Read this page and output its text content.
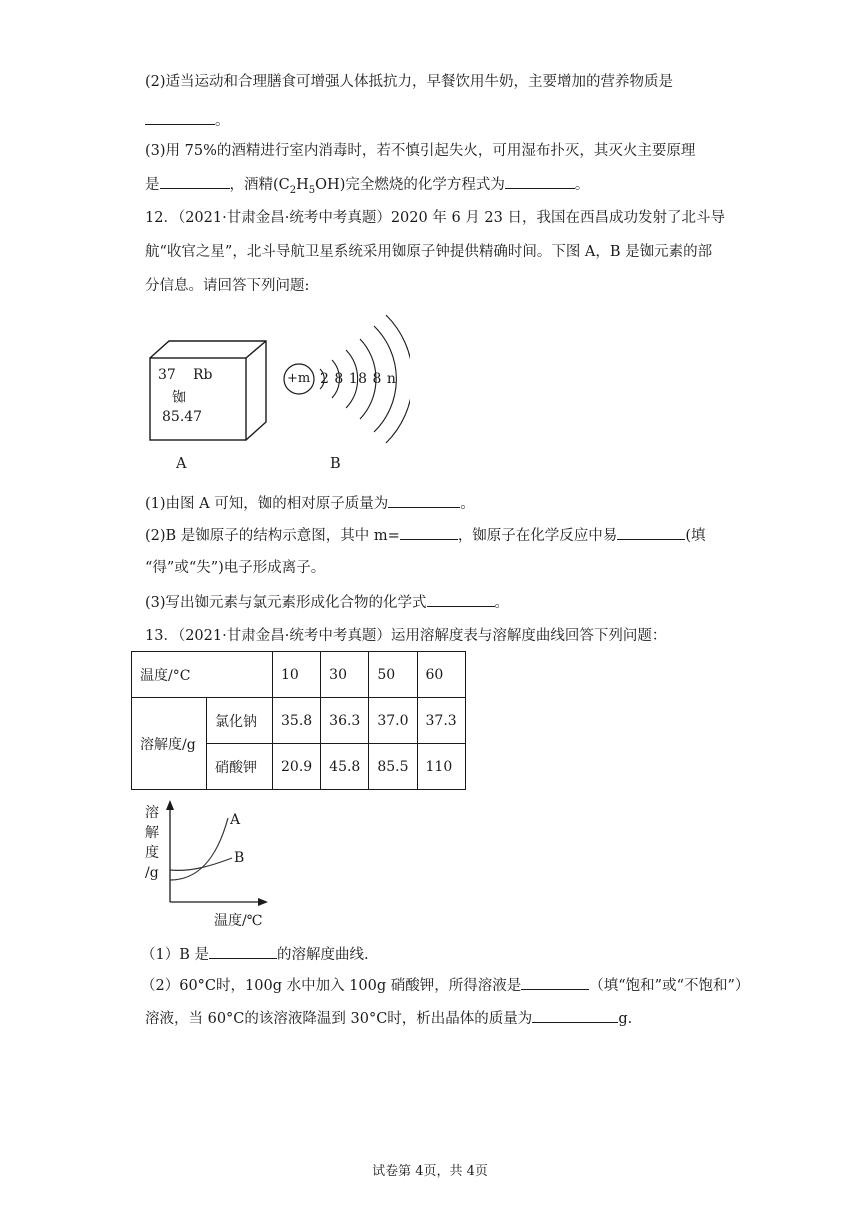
(2)适当运动和合理膳食可增强人体抵抗力，早餐饮用牛奶，主要增加的营养物质是
。
(3)用 75%的酒精进行室内消毒时，若不慎引起失火，可用湿布扑灭，其灭火主要原理
是	，酒精$(C_2H_5OH)$完全燃烧的化学方程式为	。
12．（2021·甘肃金昌·统考中考真题）2020 年 6 月 23 日，我国在西昌成功发射了北斗导
航“收官之星”，北斗导航卫星系统采用铷原子钟提供精确时间。下图 A，B 是铷元素的部
分信息。请回答下列问题:
37 Rb
铷
85.47
+m 2 8 18 8 n
A	B
(1)由图 A 可知，铷的相对原子质量为	。
(2)B 是铷原子的结构示意图，其中 m=	，铷原子在化学反应中易	(填
“得”或“失”)电子形成离子。
(3)写出铷元素与氯元素形成化合物的化学式	。
13．（2021·甘肃金昌·统考中考真题）运用溶解度表与溶解度曲线回答下列问题：
温度/°C		10	30	50	60
溶解度/g	氯化钠	35.8	36.3	37.0	37.3
	硝酸钾	20.9	45.8	85.5	110
溶
解
度
/g
A
B
温度/℃
（1）B 是	的溶解度曲线.
（2）60°C时，100g 水中加入 100g 硝酸钾，所得溶液是	（填“饱和”或“不饱和”）
溶液，当 60°C的该溶液降温到 30°C时，析出晶体的质量为	g.
试卷第 4页，共 4页
